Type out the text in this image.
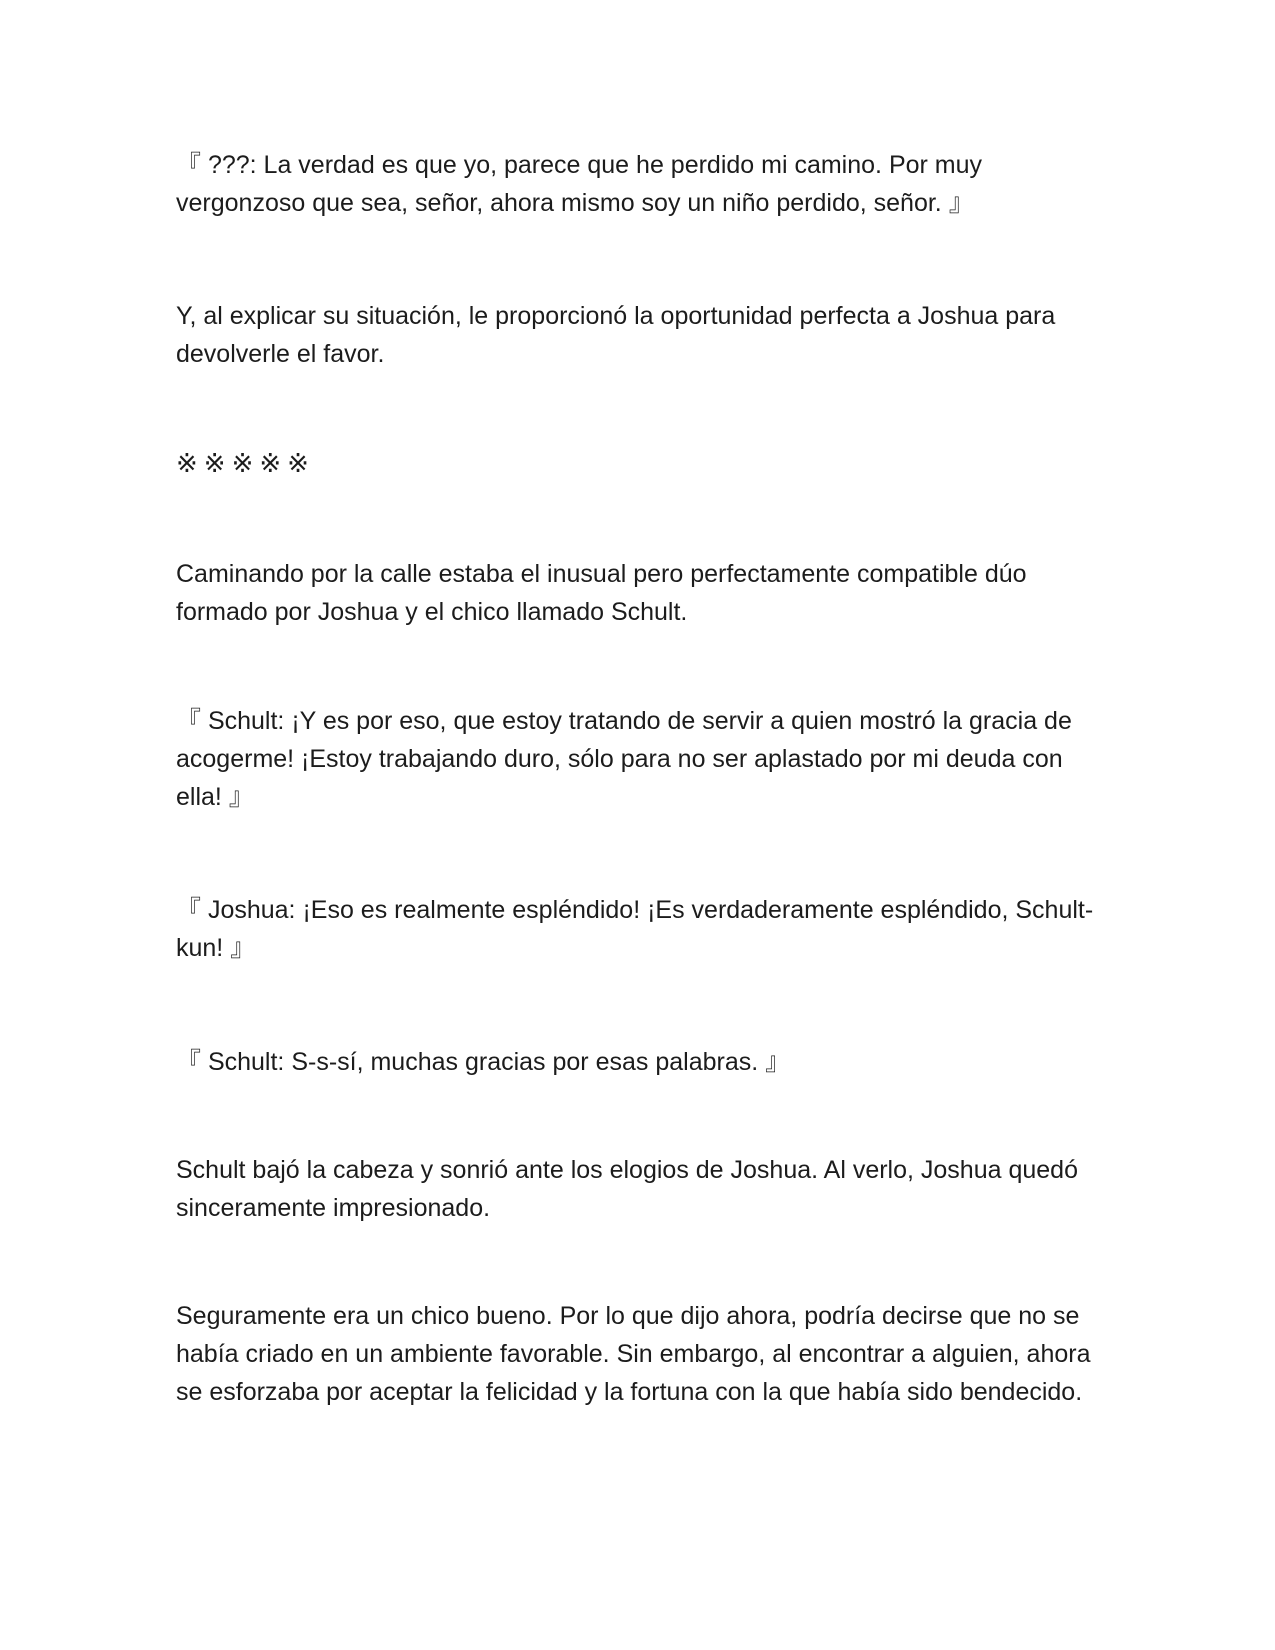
『 ???: La verdad es que yo, parece que he perdido mi camino. Por muy vergonzoso que sea, señor, ahora mismo soy un niño perdido, señor. 』

Y, al explicar su situación, le proporcionó la oportunidad perfecta a Joshua para devolverle el favor.

※※※※※

Caminando por la calle estaba el inusual pero perfectamente compatible dúo formado por Joshua y el chico llamado Schult.

『 Schult: ¡Y es por eso, que estoy tratando de servir a quien mostró la gracia de acogerme! ¡Estoy trabajando duro, sólo para no ser aplastado por mi deuda con ella! 』

『 Joshua: ¡Eso es realmente espléndido! ¡Es verdaderamente espléndido, Schult-kun! 』

『 Schult: S-s-sí, muchas gracias por esas palabras. 』

Schult bajó la cabeza y sonrió ante los elogios de Joshua. Al verlo, Joshua quedó sinceramente impresionado.

Seguramente era un chico bueno. Por lo que dijo ahora, podría decirse que no se había criado en un ambiente favorable. Sin embargo, al encontrar a alguien, ahora se esforzaba por aceptar la felicidad y la fortuna con la que había sido bendecido.
